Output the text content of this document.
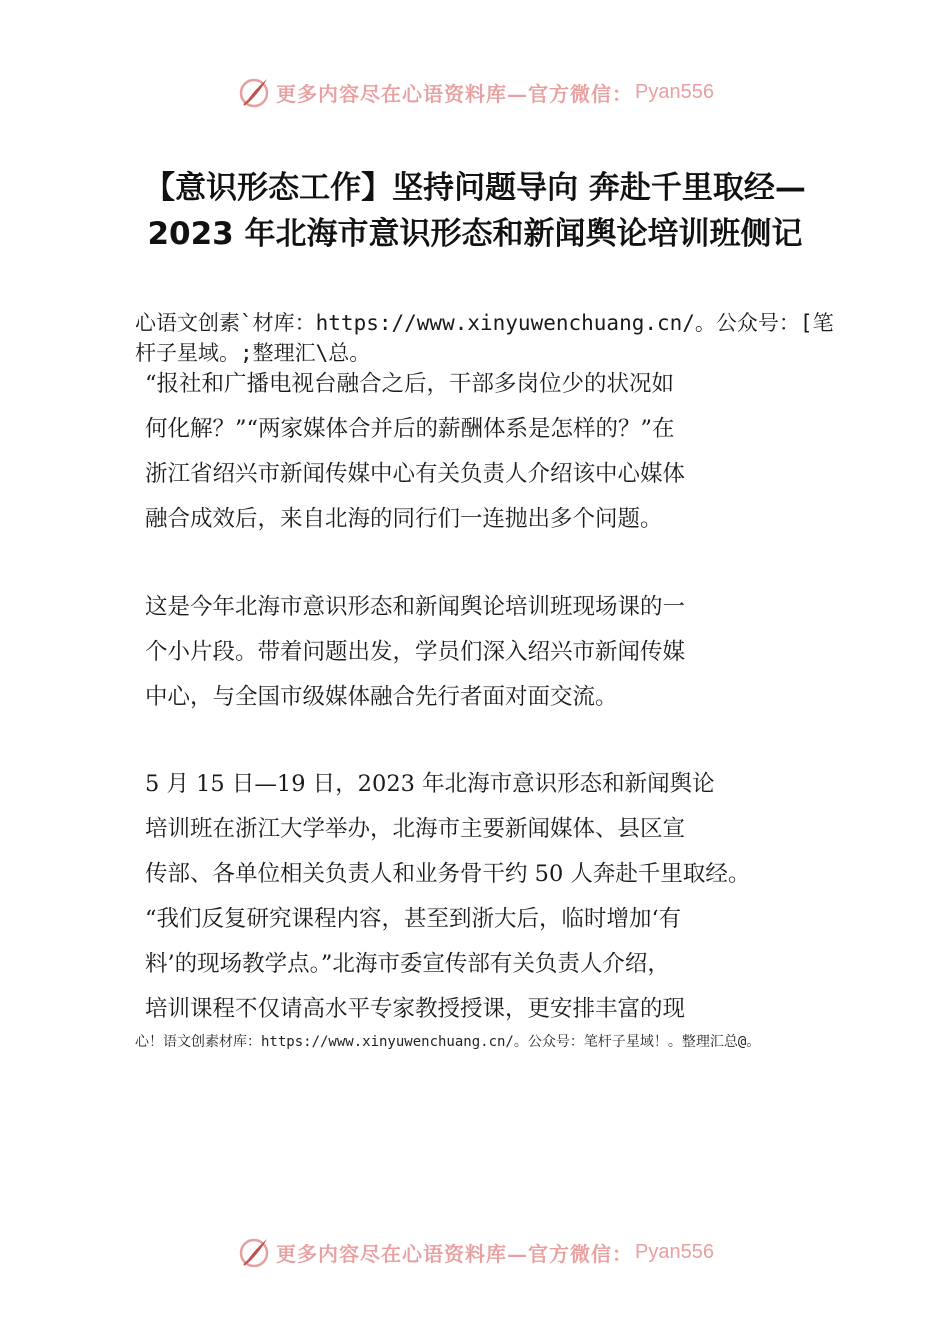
更多内容尽在心语资料库—官方微信： Pyan556
【意识形态工作】坚持问题导向 奔赴千里取经—2023 年北海市意识形态和新闻舆论培训班侧记
心语文创素`材库：https://www.xinyuwenchuang.cn/。公众号：[笔杆子星域。;整理汇\总。
“报社和广播电视台融合之后，干部多岗位少的状况如
何化解？”“两家媒体合并后的薪酬体系是怎样的？”在
浙江省绍兴市新闻传媒中心有关负责人介绍该中心媒体
融合成效后，来自北海的同行们一连抛出多个问题。
这是今年北海市意识形态和新闻舆论培训班现场课的一
个小片段。带着问题出发，学员们深入绍兴市新闻传媒
中心，与全国市级媒体融合先行者面对面交流。
5 月 15 日—19 日，2023 年北海市意识形态和新闻舆论
培训班在浙江大学举办，北海市主要新闻媒体、县区宣
传部、各单位相关负责人和业务骨干约 50 人奔赴千里取经。
“我们反复研究课程内容，甚至到浙大后，临时增加‘有
料’的现场教学点。”北海市委宣传部有关负责人介绍，
培训课程不仅请高水平专家教授授课，更安排丰富的现
心！语文创素材库：https://www.xinyuwenchuang.cn/。公众号：笔杆子星域！。整理汇总@。
更多内容尽在心语资料库—官方微信： Pyan556
